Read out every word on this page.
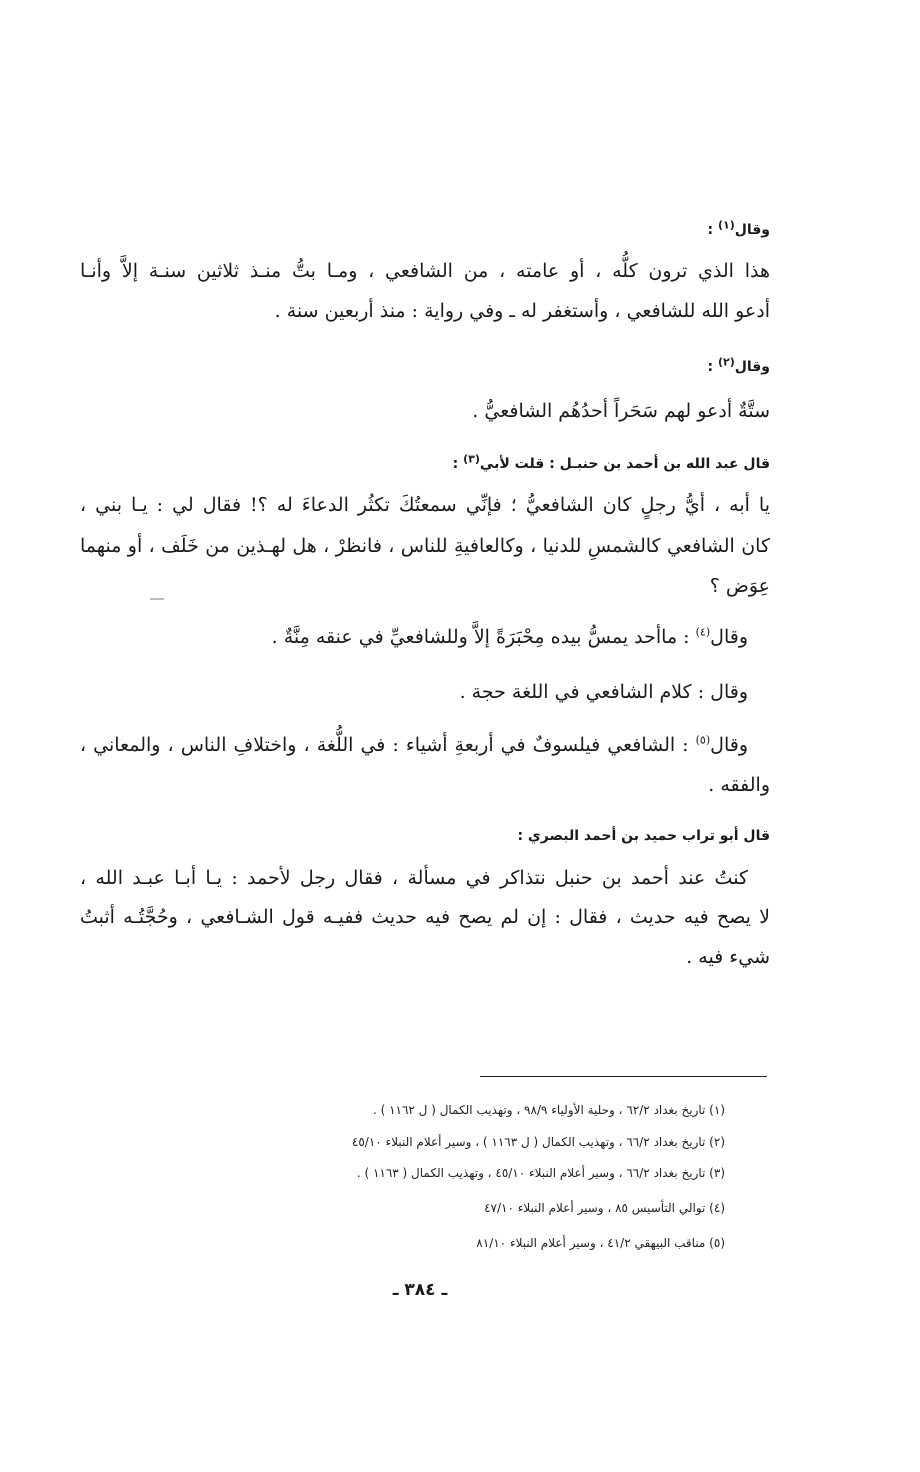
وقال$^{(١)}$ :
هذا الذي ترون كلُّه ، أو عامته ، من الشافعي ، ومـا بتُّ منـذ ثلاثين سنـة إلاَّ وأنـا
أدعو الله للشافعي ، وأستغفر له ـ وفي رواية : منذ أربعين سنة .
وقال$^{(٢)}$ :
ستَّةٌ أدعو لهم سَحَراً أحدُهُم الشافعيُّ .
قال عبد الله بن أحمد بن حنبـل : قلت لأبي$^{(٣)}$ :
يا أبه ، أيُّ رجلٍ كان الشافعيُّ ؛ فإنِّي سمعتُكَ تكثُر الدعاءَ له ؟! فقال لي : يـا بني ،
كان الشافعي كالشمسِ للدنيا ، وكالعافيةِ للناس ، فانظرْ ، هل لهـذين من خَلَف ، أو منهما
عِوَض ؟
وقال$^{(٤)}$ : ماأحد يمسُّ بيده مِحْبَرَةً إلاَّ وللشافعيِّ في عنقه مِنَّةٌ .
وقال : كلام الشافعي في اللغة حجة .
وقال$^{(٥)}$ : الشافعي فيلسوفٌ في أربعةِ أشياء : في اللُّغة ، واختلافِ الناس ، والمعاني ،
والفقه .
قال أبو تراب حميد بن أحمد البصري :
كنتُ عند أحمد بن حنبل نتذاكر في مسألة ، فقال رجل لأحمد : يـا أبـا عبـد الله ،
لا يصح فيه حديث ، فقال : إن لم يصح فيه حديث ففيـه قول الشـافعي ، وحُجَّتُـه أثبتُ
شيء فيه .
(١) تاريخ بغداد ٦٢/٢ ، وحلية الأولياء ٩٨/٩ ، وتهذيب الكمال ( ل ١١٦٢ ) .
(٢) تاريخ بغداد ٦٦/٢ ، وتهذيب الكمال ( ل ١١٦٣ ) ، وسير أعلام النبلاء ٤٥/١٠
(٣) تاريخ بغداد ٦٦/٢ ، وسير أعلام النبلاء ٤٥/١٠ ، وتهذيب الكمال ( ١١٦٣ ) .
(٤) توالي التأسيس ٨٥ ، وسير أعلام النبلاء ٤٧/١٠
(٥) مناقب البيهقي ٤١/٢ ، وسير أعلام النبلاء ٨١/١٠
ـ ٣٨٤ ـ
